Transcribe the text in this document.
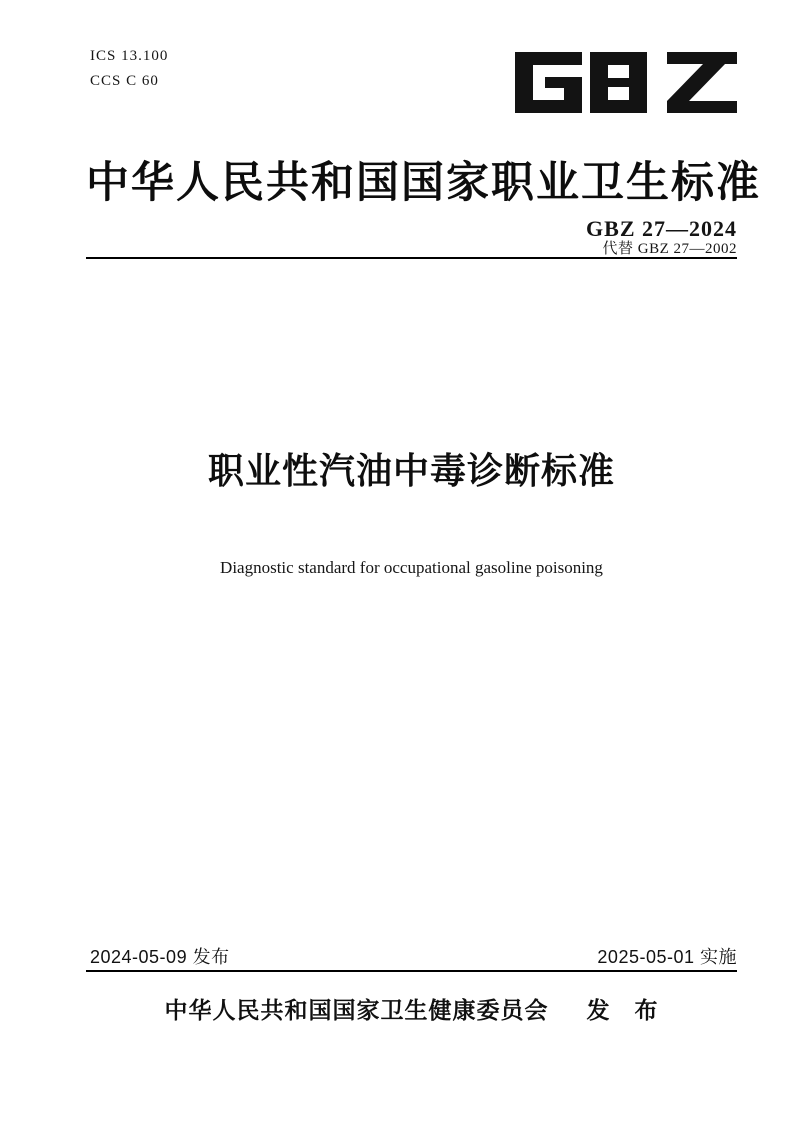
ICS 13.100
CCS C 60
中华人民共和国国家职业卫生标准
GBZ 27—2024
代替 GBZ 27—2002
职业性汽油中毒诊断标准
Diagnostic standard for occupational gasoline poisoning
2024-05-09 发布	2025-05-01 实施
中华人民共和国国家卫生健康委员会 发　布
